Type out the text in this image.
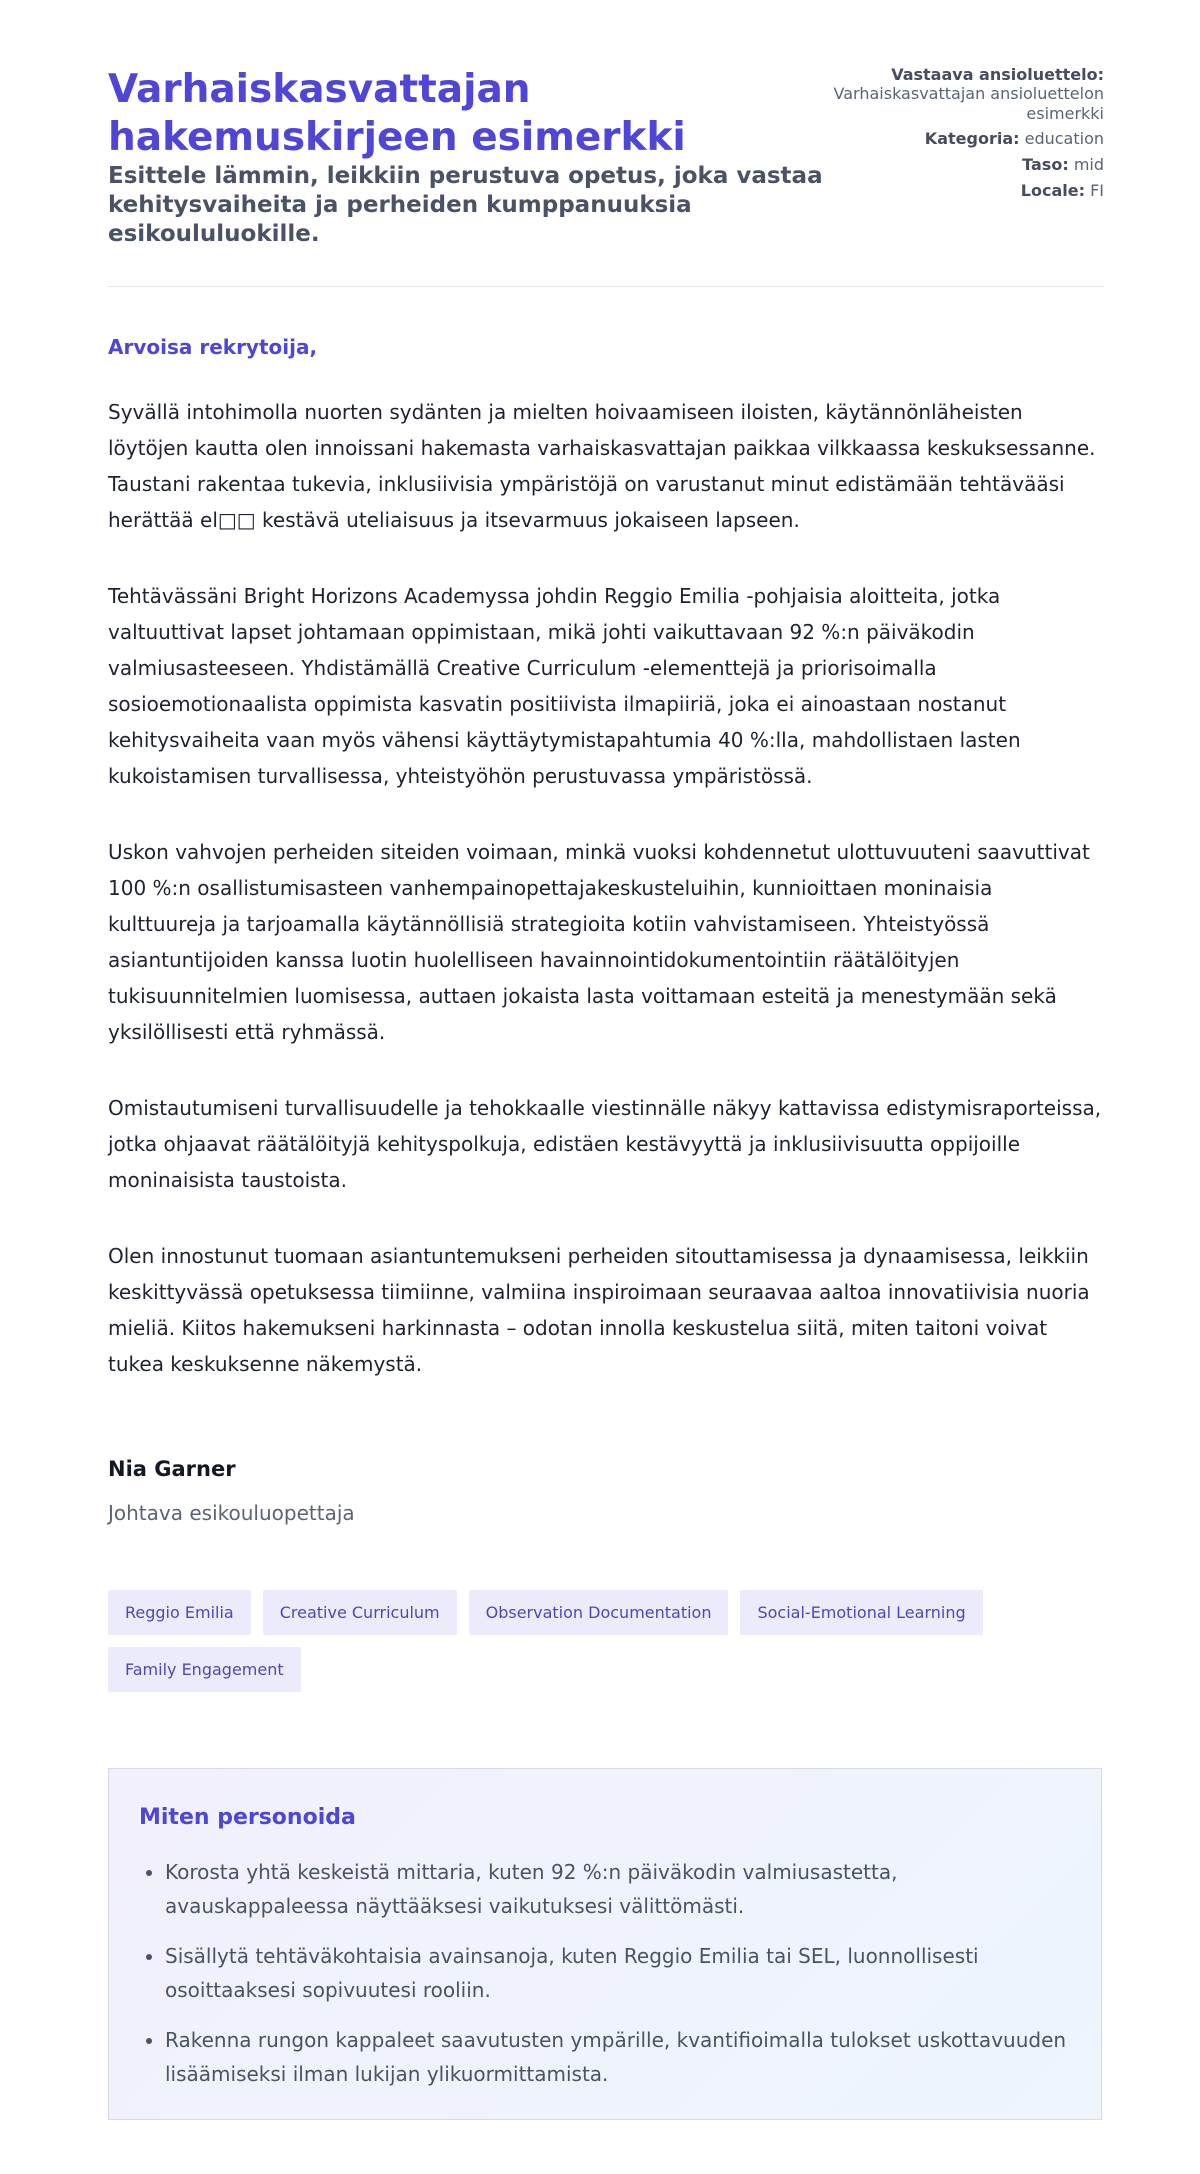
Varhaiskasvattajan hakemuskirjeen esimerkki
Esittele lämmin, leikkiin perustuva opetus, joka vastaa kehitysvaiheita ja perheiden kumppanuuksia esikoululuokille.
Vastaava ansioluettelo:
Varhaiskasvattajan ansioluettelon esimerkki
Kategoria: education
Taso: mid
Locale: FI

Arvoisa rekrytoija,

Syvällä intohimolla nuorten sydänten ja mielten hoivaamiseen iloisten, käytännönläheisten löytöjen kautta olen innoissani hakemasta varhaiskasvattajan paikkaa vilkkaassa keskuksessanne. Taustani rakentaa tukevia, inklusiivisia ympäristöjä on varustanut minut edistämään tehtävääsi herättää el□□ kestävä uteliaisuus ja itsevarmuus jokaiseen lapseen.

Tehtävässäni Bright Horizons Academyssa johdin Reggio Emilia -pohjaisia aloitteita, jotka valtuuttivat lapset johtamaan oppimistaan, mikä johti vaikuttavaan 92 %:n päiväkodin valmiusasteeseen. Yhdistämällä Creative Curriculum -elementtejä ja priorisoimalla sosioemotionaalista oppimista kasvatin positiivista ilmapiiriä, joka ei ainoastaan nostanut kehitysvaiheita vaan myös vähensi käyttäytymistapahtumia 40 %:lla, mahdollistaen lasten kukoistamisen turvallisessa, yhteistyöhön perustuvassa ympäristössä.

Uskon vahvojen perheiden siteiden voimaan, minkä vuoksi kohdennetut ulottuvuuteni saavuttivat 100 %:n osallistumisasteen vanhempainopettajakeskusteluihin, kunnioittaen moninaisia kulttuureja ja tarjoamalla käytännöllisiä strategioita kotiin vahvistamiseen. Yhteistyössä asiantuntijoiden kanssa luotin huolelliseen havainnointidokumentointiin räätälöityjen tukisuunnitelmien luomisessa, auttaen jokaista lasta voittamaan esteitä ja menestymään sekä yksilöllisesti että ryhmässä.

Omistautumiseni turvallisuudelle ja tehokkaalle viestinnälle näkyy kattavissa edistymisraporteissa, jotka ohjaavat räätälöityjä kehityspolkuja, edistäen kestävyyttä ja inklusiivisuutta oppijoille moninaisista taustoista.

Olen innostunut tuomaan asiantuntemukseni perheiden sitouttamisessa ja dynaamisessa, leikkiin keskittyvässä opetuksessa tiimiinne, valmiina inspiroimaan seuraavaa aaltoa innovatiivisia nuoria mieliä. Kiitos hakemukseni harkinnasta – odotan innolla keskustelua siitä, miten taitoni voivat tukea keskuksenne näkemystä.

Nia Garner

Johtava esikouluopettaja

Reggio Emilia	Creative Curriculum	Observation Documentation	Social-Emotional Learning
Family Engagement
Miten personoida
• Korosta yhtä keskeistä mittaria, kuten 92 %:n päiväkodin valmiusastetta, avauskappaleessa näyttääksesi vaikutuksesi välittömästi.
• Sisällytä tehtäväkohtaisia avainsanoja, kuten Reggio Emilia tai SEL, luonnollisesti osoittaaksesi sopivuutesi rooliin.
• Rakenna rungon kappaleet saavutusten ympärille, kvantifioimalla tulokset uskottavuuden lisäämiseksi ilman lukijan ylikuormittamista.
